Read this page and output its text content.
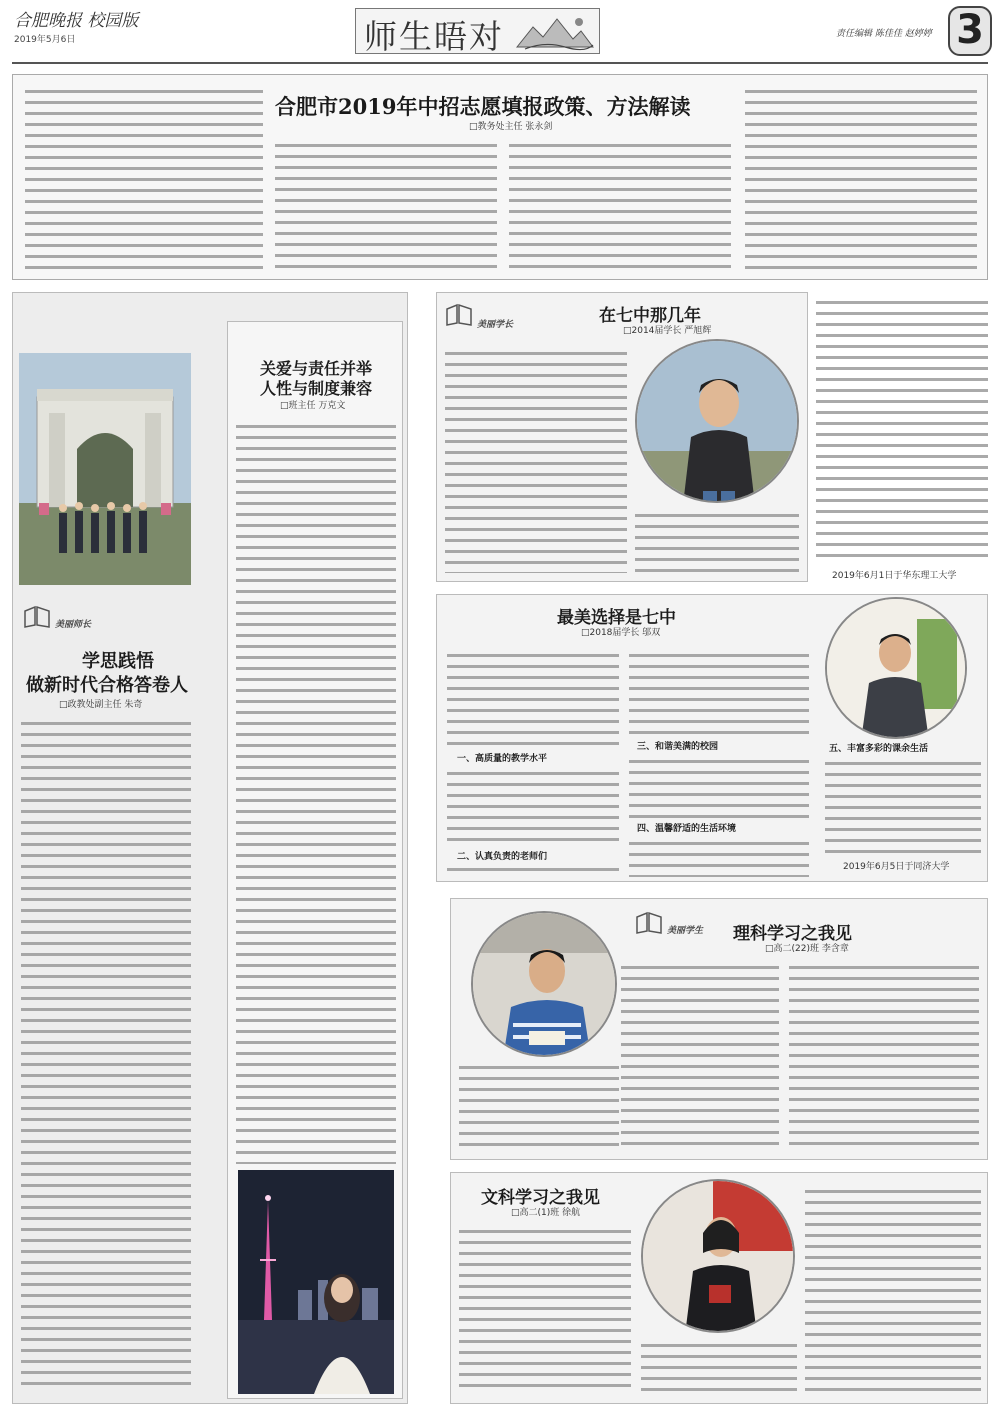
合肥晚报 校园版
2019年5月6日	师生晤对	责任编辑 陈佳佳 赵婷婷 3
合肥市2019年中招志愿填报政策、方法解读
□教务处主任 张永剑
美丽师长
学思践悟
做新时代合格答卷人
□政教处副主任 朱奇
关爱与责任并举
人性与制度兼容
□班主任 万克文
美丽学长	在七中那几年
□2014届学长 严旭辉
2019年6月1日于华东理工大学
最美选择是七中
□2018届学长 邬双
一、高质量的教学水平
二、认真负责的老师们
三、和谐美满的校园
四、温馨舒适的生活环境
五、丰富多彩的课余生活
2019年6月5日于同济大学
美丽学生 理科学习之我见
□高二(22)班 李含章
文科学习之我见
□高二(1)班 徐航
